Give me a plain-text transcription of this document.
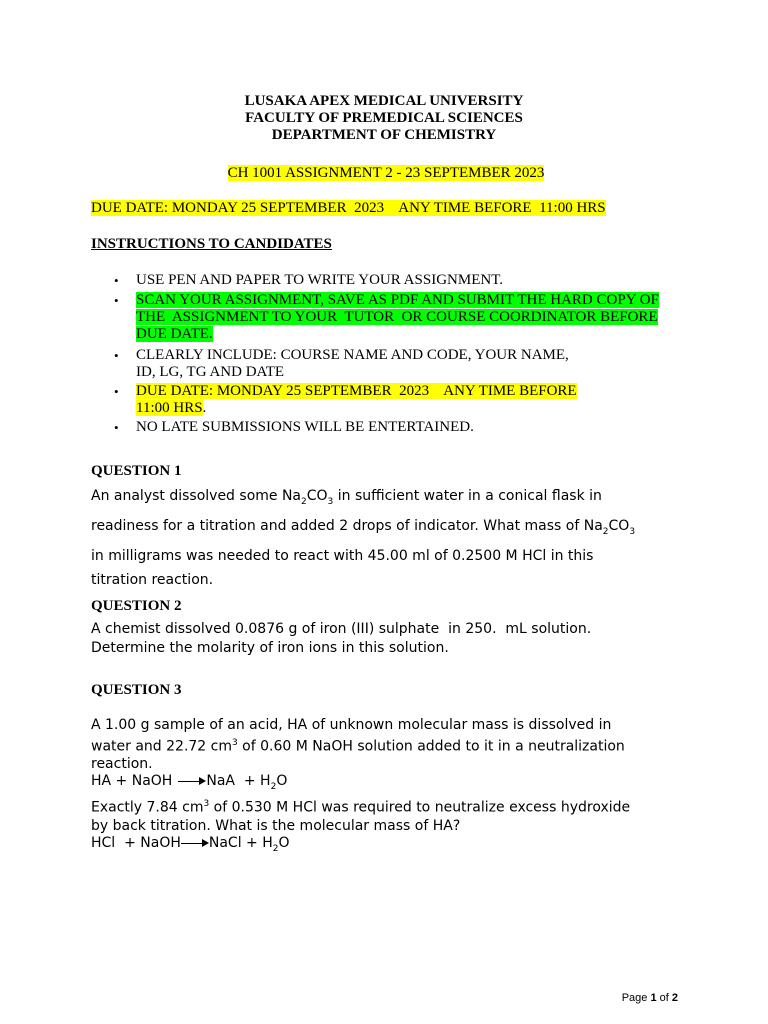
LUSAKA APEX MEDICAL UNIVERSITY
FACULTY OF PREMEDICAL SCIENCES
DEPARTMENT OF CHEMISTRY
CH 1001 ASSIGNMENT 2 - 23 SEPTEMBER 2023
DUE DATE: MONDAY 25 SEPTEMBER  2023    ANY TIME BEFORE  11:00 HRS
INSTRUCTIONS TO CANDIDATES
• USE PEN AND PAPER TO WRITE YOUR ASSIGNMENT.
• SCAN YOUR ASSIGNMENT, SAVE AS PDF AND SUBMIT THE HARD COPY OF
THE  ASSIGNMENT TO YOUR  TUTOR  OR COURSE COORDINATOR BEFORE
DUE DATE.
• CLEARLY INCLUDE: COURSE NAME AND CODE, YOUR NAME,
ID, LG, TG AND DATE
• DUE DATE: MONDAY 25 SEPTEMBER  2023    ANY TIME BEFORE
11:00 HRS.
• NO LATE SUBMISSIONS WILL BE ENTERTAINED.
QUESTION 1
An analyst dissolved some $Na_2CO_3$ in sufficient water in a conical flask in
readiness for a titration and added 2 drops of indicator. What mass of $Na_2CO_3$
in milligrams was needed to react with 45.00 ml of 0.2500 M HCl in this
titration reaction.
QUESTION 2
A chemist dissolved 0.0876 g of iron (III) sulphate  in 250.  mL solution.
Determine the molarity of iron ions in this solution.
QUESTION 3
A 1.00 g sample of an acid, HA of unknown molecular mass is dissolved in
water and 22.72 $cm^3$ of 0.60 M NaOH solution added to it in a neutralization
reaction.
HA + NaOH → NaA  + $H_2O$
Exactly 7.84 $cm^3$ of 0.530 M HCl was required to neutralize excess hydroxide
by back titration. What is the molecular mass of HA?
HCl  + NaOH→ NaCl + $H_2O$
Page 1 of 2
